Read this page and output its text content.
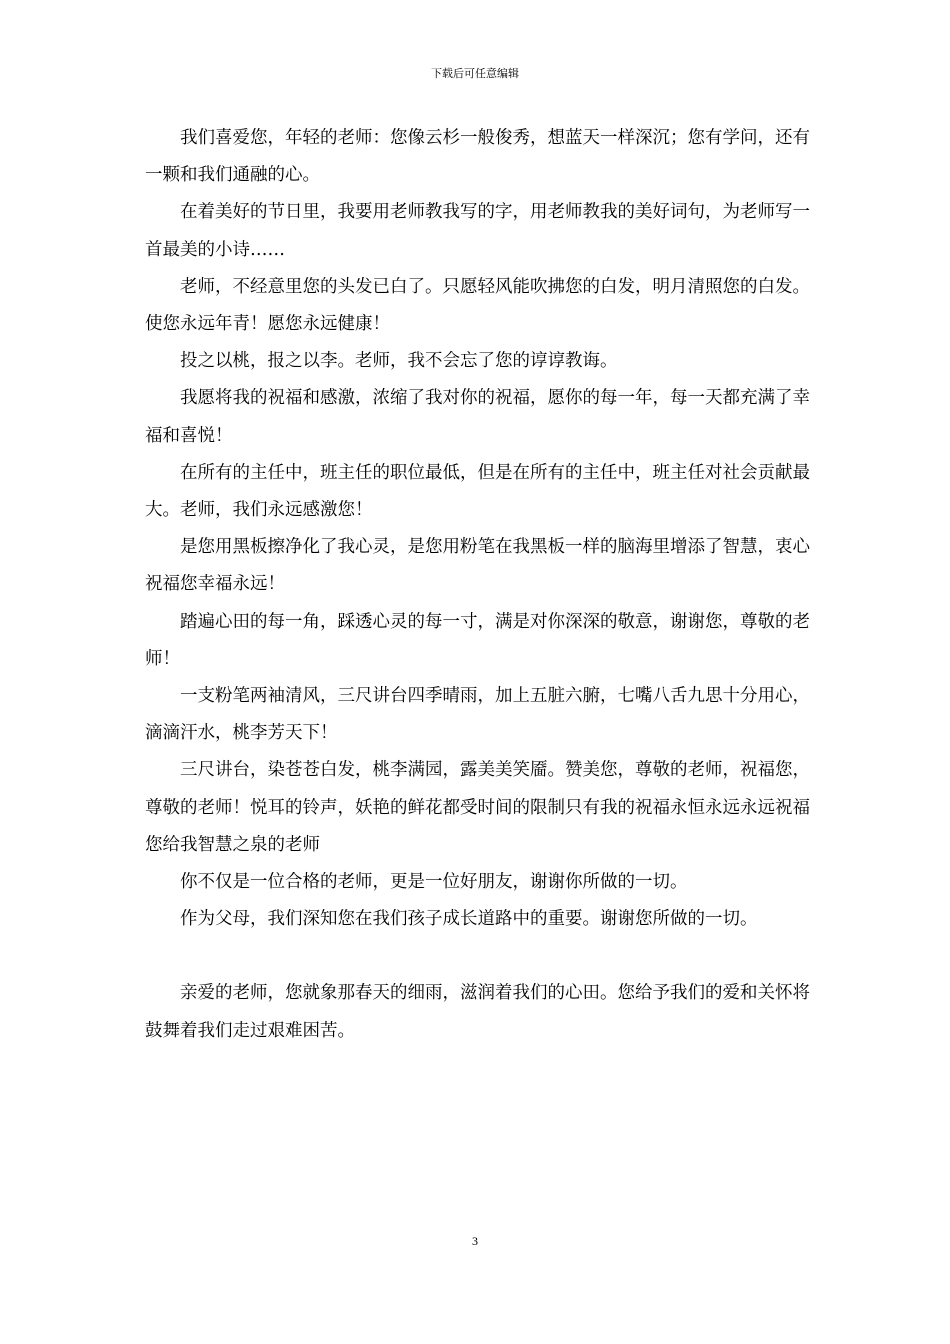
下载后可任意编辑

我们喜爱您，年轻的老师：您像云杉一般俊秀，想蓝天一样深沉；您有学问，还有一颗和我们通融的心。

在着美好的节日里，我要用老师教我写的字，用老师教我的美好词句，为老师写一首最美的小诗……

老师，不经意里您的头发已白了。只愿轻风能吹拂您的白发，明月清照您的白发。使您永远年青！愿您永远健康！

投之以桃，报之以李。老师，我不会忘了您的谆谆教诲。

我愿将我的祝福和感激，浓缩了我对你的祝福，愿你的每一年，每一天都充满了幸福和喜悦！

在所有的主任中，班主任的职位最低，但是在所有的主任中，班主任对社会贡献最大。老师，我们永远感激您！

是您用黑板擦净化了我心灵，是您用粉笔在我黑板一样的脑海里增添了智慧，衷心祝福您幸福永远！

踏遍心田的每一角，踩透心灵的每一寸，满是对你深深的敬意，谢谢您，尊敬的老师！

一支粉笔两袖清风，三尺讲台四季晴雨，加上五脏六腑，七嘴八舌九思十分用心，滴滴汗水，桃李芳天下！

三尺讲台，染苍苍白发，桃李满园，露美美笑靥。赞美您，尊敬的老师，祝福您，尊敬的老师！悦耳的铃声，妖艳的鲜花都受时间的限制只有我的祝福永恒永远永远祝福您给我智慧之泉的老师

你不仅是一位合格的老师，更是一位好朋友，谢谢你所做的一切。

作为父母，我们深知您在我们孩子成长道路中的重要。谢谢您所做的一切。

亲爱的老师，您就象那春天的细雨，滋润着我们的心田。您给予我们的爱和关怀将鼓舞着我们走过艰难困苦。

3
